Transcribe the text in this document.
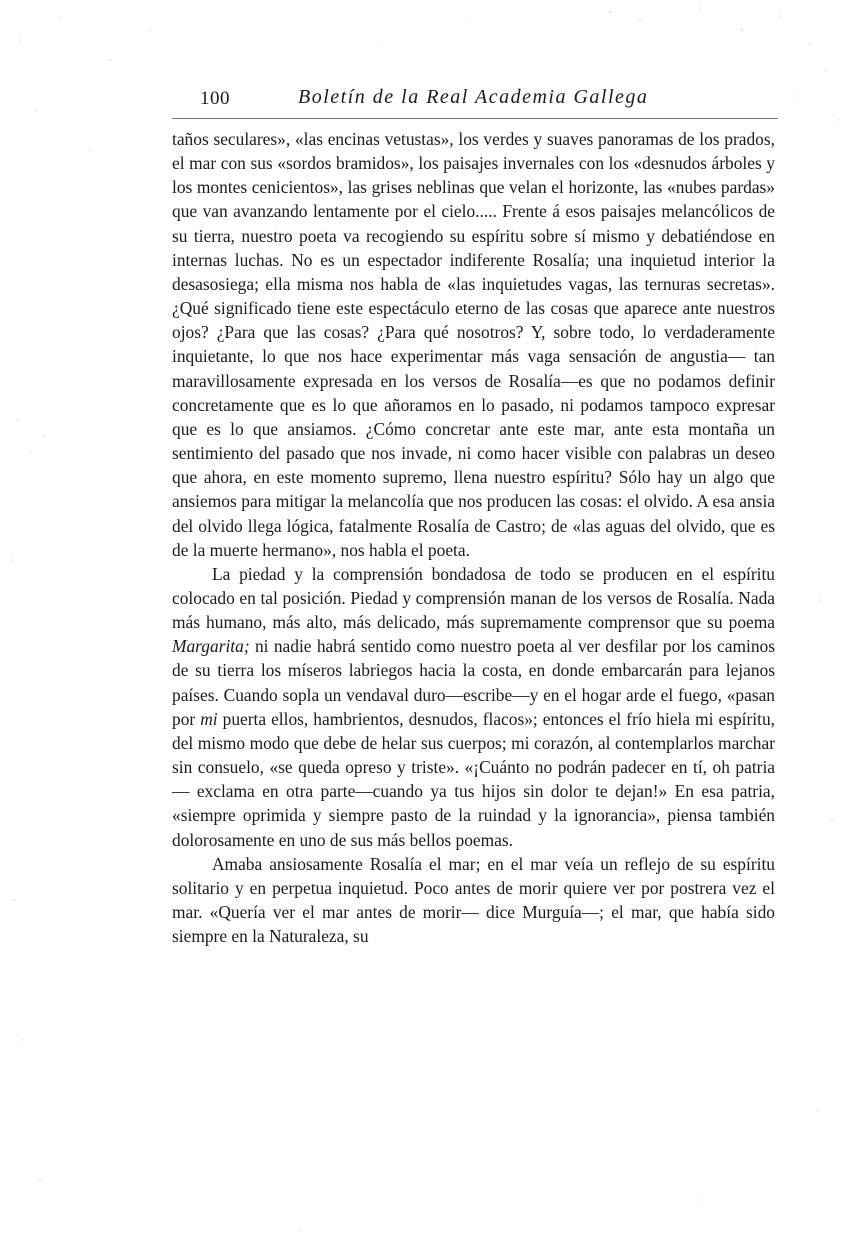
100	Boletín de la Real Academia Gallega

taños seculares», «las encinas vetustas», los verdes y suaves panoramas de los prados, el mar con sus «sordos bramidos», los paisajes invernales con los «desnudos árboles y los montes cenicientos», las grises neblinas que velan el horizonte, las «nubes pardas» que van avanzando lentamente por el cielo..... Frente á esos paisajes melancólicos de su tierra, nuestro poeta va recogiendo su espíritu sobre sí mismo y debatiéndose en internas luchas. No es un espectador indiferente Rosalía; una inquietud interior la desasosiega; ella misma nos habla de «las inquietudes vagas, las ternuras secretas». ¿Qué significado tiene este espectáculo eterno de las cosas que aparece ante nuestros ojos? ¿Para que las cosas? ¿Para qué nosotros? Y, sobre todo, lo verdaderamente inquietante, lo que nos hace experimentar más vaga sensación de angustia— tan maravillosamente expresada en los versos de Rosalía—es que no podamos definir concretamente que es lo que añoramos en lo pasado, ni podamos tampoco expresar que es lo que ansiamos. ¿Cómo concretar ante este mar, ante esta montaña un sentimiento del pasado que nos invade, ni como hacer visible con palabras un deseo que ahora, en este momento supremo, llena nuestro espíritu? Sólo hay un algo que ansiemos para mitigar la melancolía que nos producen las cosas: el olvido. A esa ansia del olvido llega lógica, fatalmente Rosalía de Castro; de «las aguas del olvido, que es de la muerte hermano», nos habla el poeta.

La piedad y la comprensión bondadosa de todo se producen en el espíritu colocado en tal posición. Piedad y comprensión manan de los versos de Rosalía. Nada más humano, más alto, más delicado, más supremamente comprensor que su poema Margarita; ni nadie habrá sentido como nuestro poeta al ver desfilar por los caminos de su tierra los míseros labriegos hacia la costa, en donde embarcarán para lejanos países. Cuando sopla un vendaval duro—escribe—y en el hogar arde el fuego, «pasan por mi puerta ellos, hambrientos, desnudos, flacos»; entonces el frío hiela mi espíritu, del mismo modo que debe de helar sus cuerpos; mi corazón, al contemplarlos marchar sin consuelo, «se queda opreso y triste». «¡Cuánto no podrán padecer en tí, oh patria— exclama en otra parte—cuando ya tus hijos sin dolor te dejan!» En esa patria, «siempre oprimida y siempre pasto de la ruindad y la ignorancia», piensa también dolorosamente en uno de sus más bellos poemas.

Amaba ansiosamente Rosalía el mar; en el mar veía un reflejo de su espíritu solitario y en perpetua inquietud. Poco antes de morir quiere ver por postrera vez el mar. «Quería ver el mar antes de morir— dice Murguía—; el mar, que había sido siempre en la Naturaleza, su
